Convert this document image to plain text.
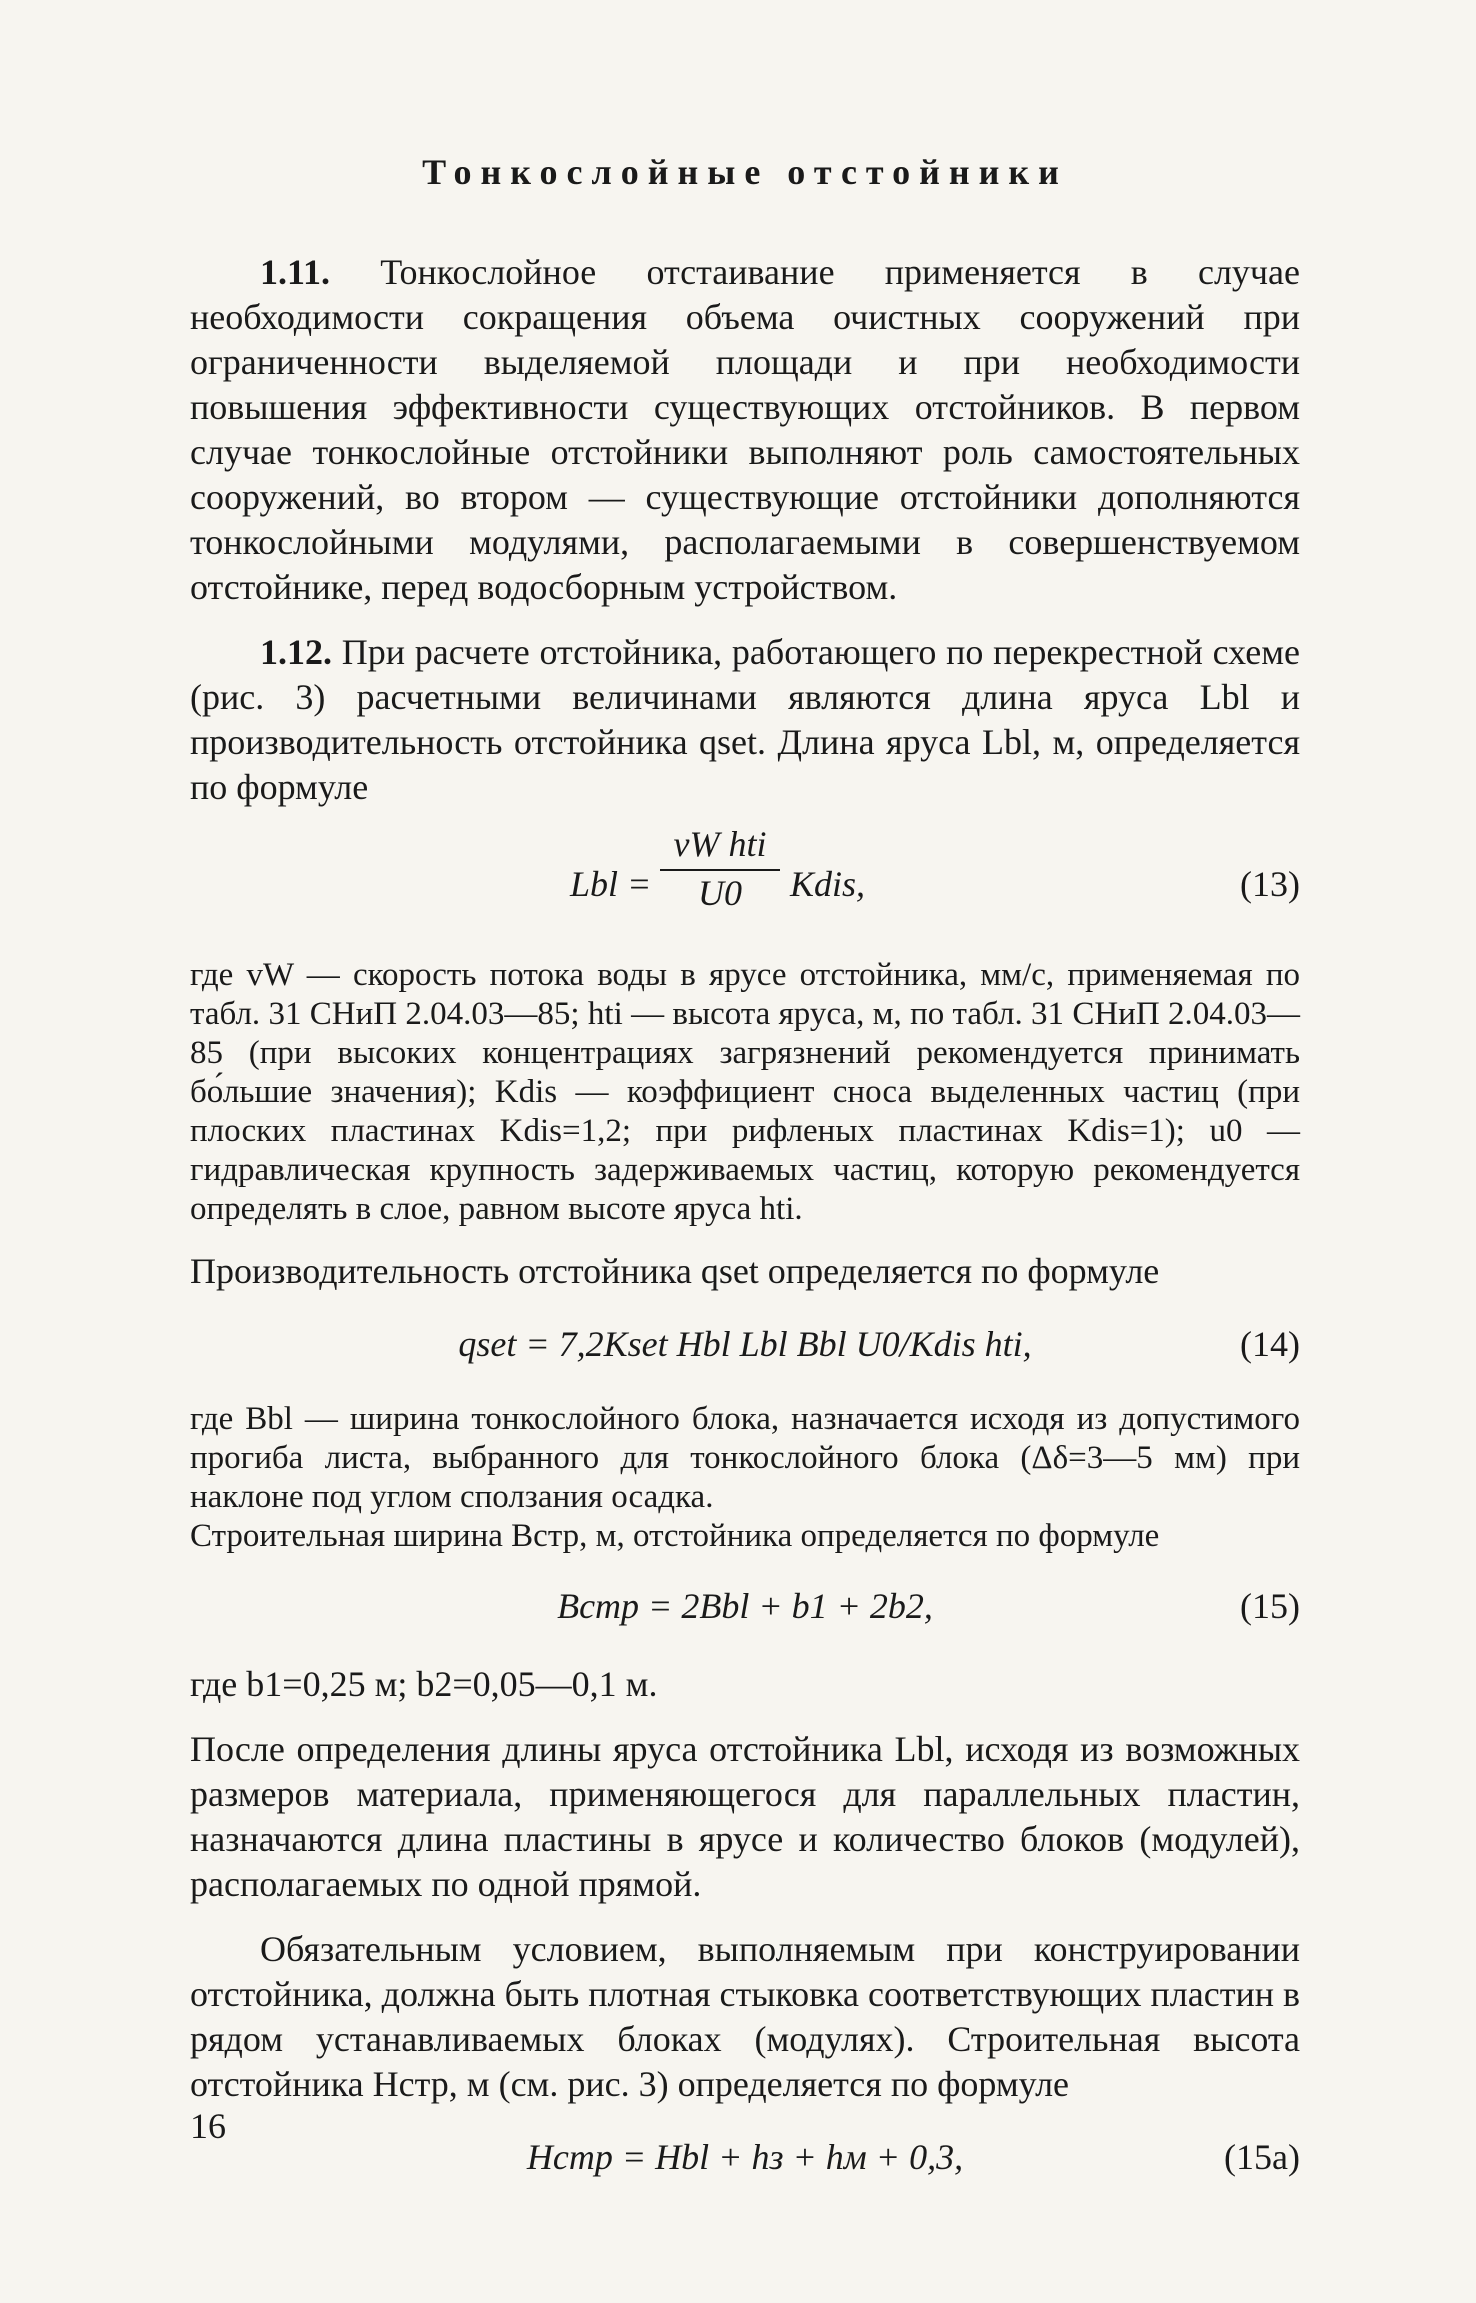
Тонкослойные отстойники

1.11. Тонкослойное отстаивание применяется в случае необходимости сокращения объема очистных сооружений при ограниченности выделяемой площади и при необходимости повышения эффективности существующих отстойников. В первом случае тонкослойные отстойники выполняют роль самостоятельных сооружений, во втором — существующие отстойники дополняются тонкослойными модулями, располагаемыми в совершенствуемом отстойнике, перед водосборным устройством.

1.12. При расчете отстойника, работающего по перекрестной схеме (рис. 3) расчетными величинами являются длина яруса Lbl и производительность отстойника qset. Длина яруса Lbl, м, определяется по формуле

Lbl =
vW hti
U0	Kdis,	(13)

где vW — скорость потока воды в ярусе отстойника, мм/с, применяемая по табл. 31 СНиП 2.04.03—85; hti — высота яруса, м, по табл. 31 СНиП 2.04.03—85 (при высоких концентрациях загрязнений рекомендуется принимать бо́льшие значения); Kdis — коэффициент сноса выделенных частиц (при плоских пластинах Kdis=1,2; при рифленых пластинах Kdis=1); u0 — гидравлическая крупность задерживаемых частиц, которую рекомендуется определять в слое, равном высоте яруса hti.

Производительность отстойника qset определяется по формуле

qset = 7,2Kset Hbl Lbl Bbl U0/Kdis hti,	(14)

где Bbl — ширина тонкослойного блока, назначается исходя из допустимого прогиба листа, выбранного для тонкослойного блока (Δδ=3—5 мм) при наклоне под углом сползания осадка.

Строительная ширина Bстр, м, отстойника определяется по формуле

Bстр = 2Bbl + b1 + 2b2,	(15)

где b1=0,25 м; b2=0,05—0,1 м.

После определения длины яруса отстойника Lbl, исходя из возможных размеров материала, применяющегося для параллельных пластин, назначаются длина пластины в ярусе и количество блоков (модулей), располагаемых по одной прямой.

Обязательным условием, выполняемым при конструировании отстойника, должна быть плотная стыковка соответствующих пластин в рядом устанавливаемых блоках (модулях). Строительная высота отстойника Hстр, м (см. рис. 3) определяется по формуле

Hстр = Hbl + hз + hм + 0,3,	(15а)
16
